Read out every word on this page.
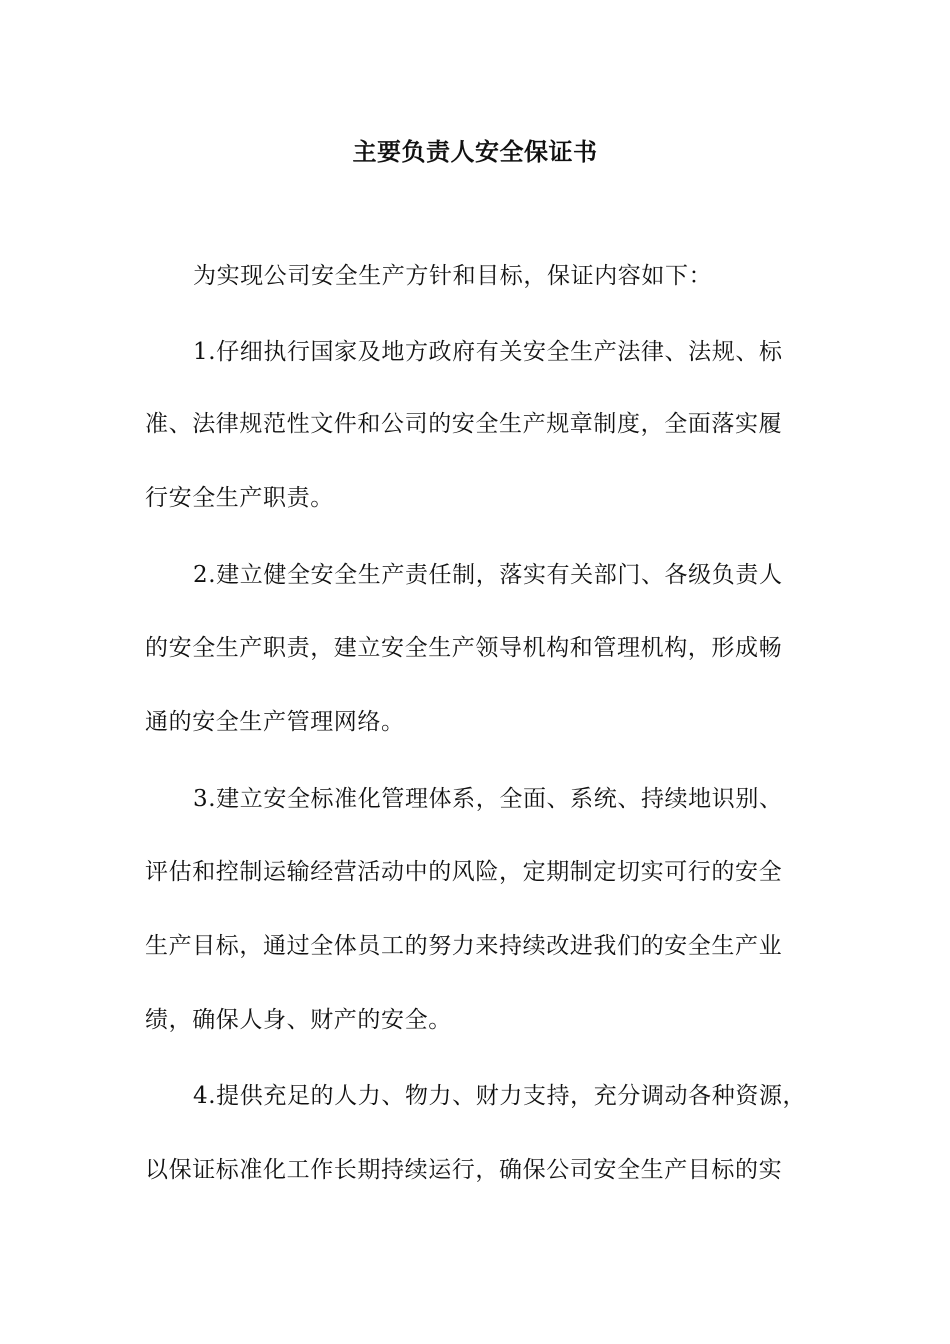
主要负责人安全保证书
为实现公司安全生产方针和目标，保证内容如下：
1.仔细执行国家及地方政府有关安全生产法律、法规、标
准、法律规范性文件和公司的安全生产规章制度，全面落实履
行安全生产职责。
2.建立健全安全生产责任制，落实有关部门、各级负责人
的安全生产职责，建立安全生产领导机构和管理机构，形成畅
通的安全生产管理网络。
3.建立安全标准化管理体系，全面、系统、持续地识别、
评估和控制运输经营活动中的风险，定期制定切实可行的安全
生产目标，通过全体员工的努力来持续改进我们的安全生产业
绩，确保人身、财产的安全。
4.提供充足的人力、物力、财力支持，充分调动各种资源，
以保证标准化工作长期持续运行，确保公司安全生产目标的实
